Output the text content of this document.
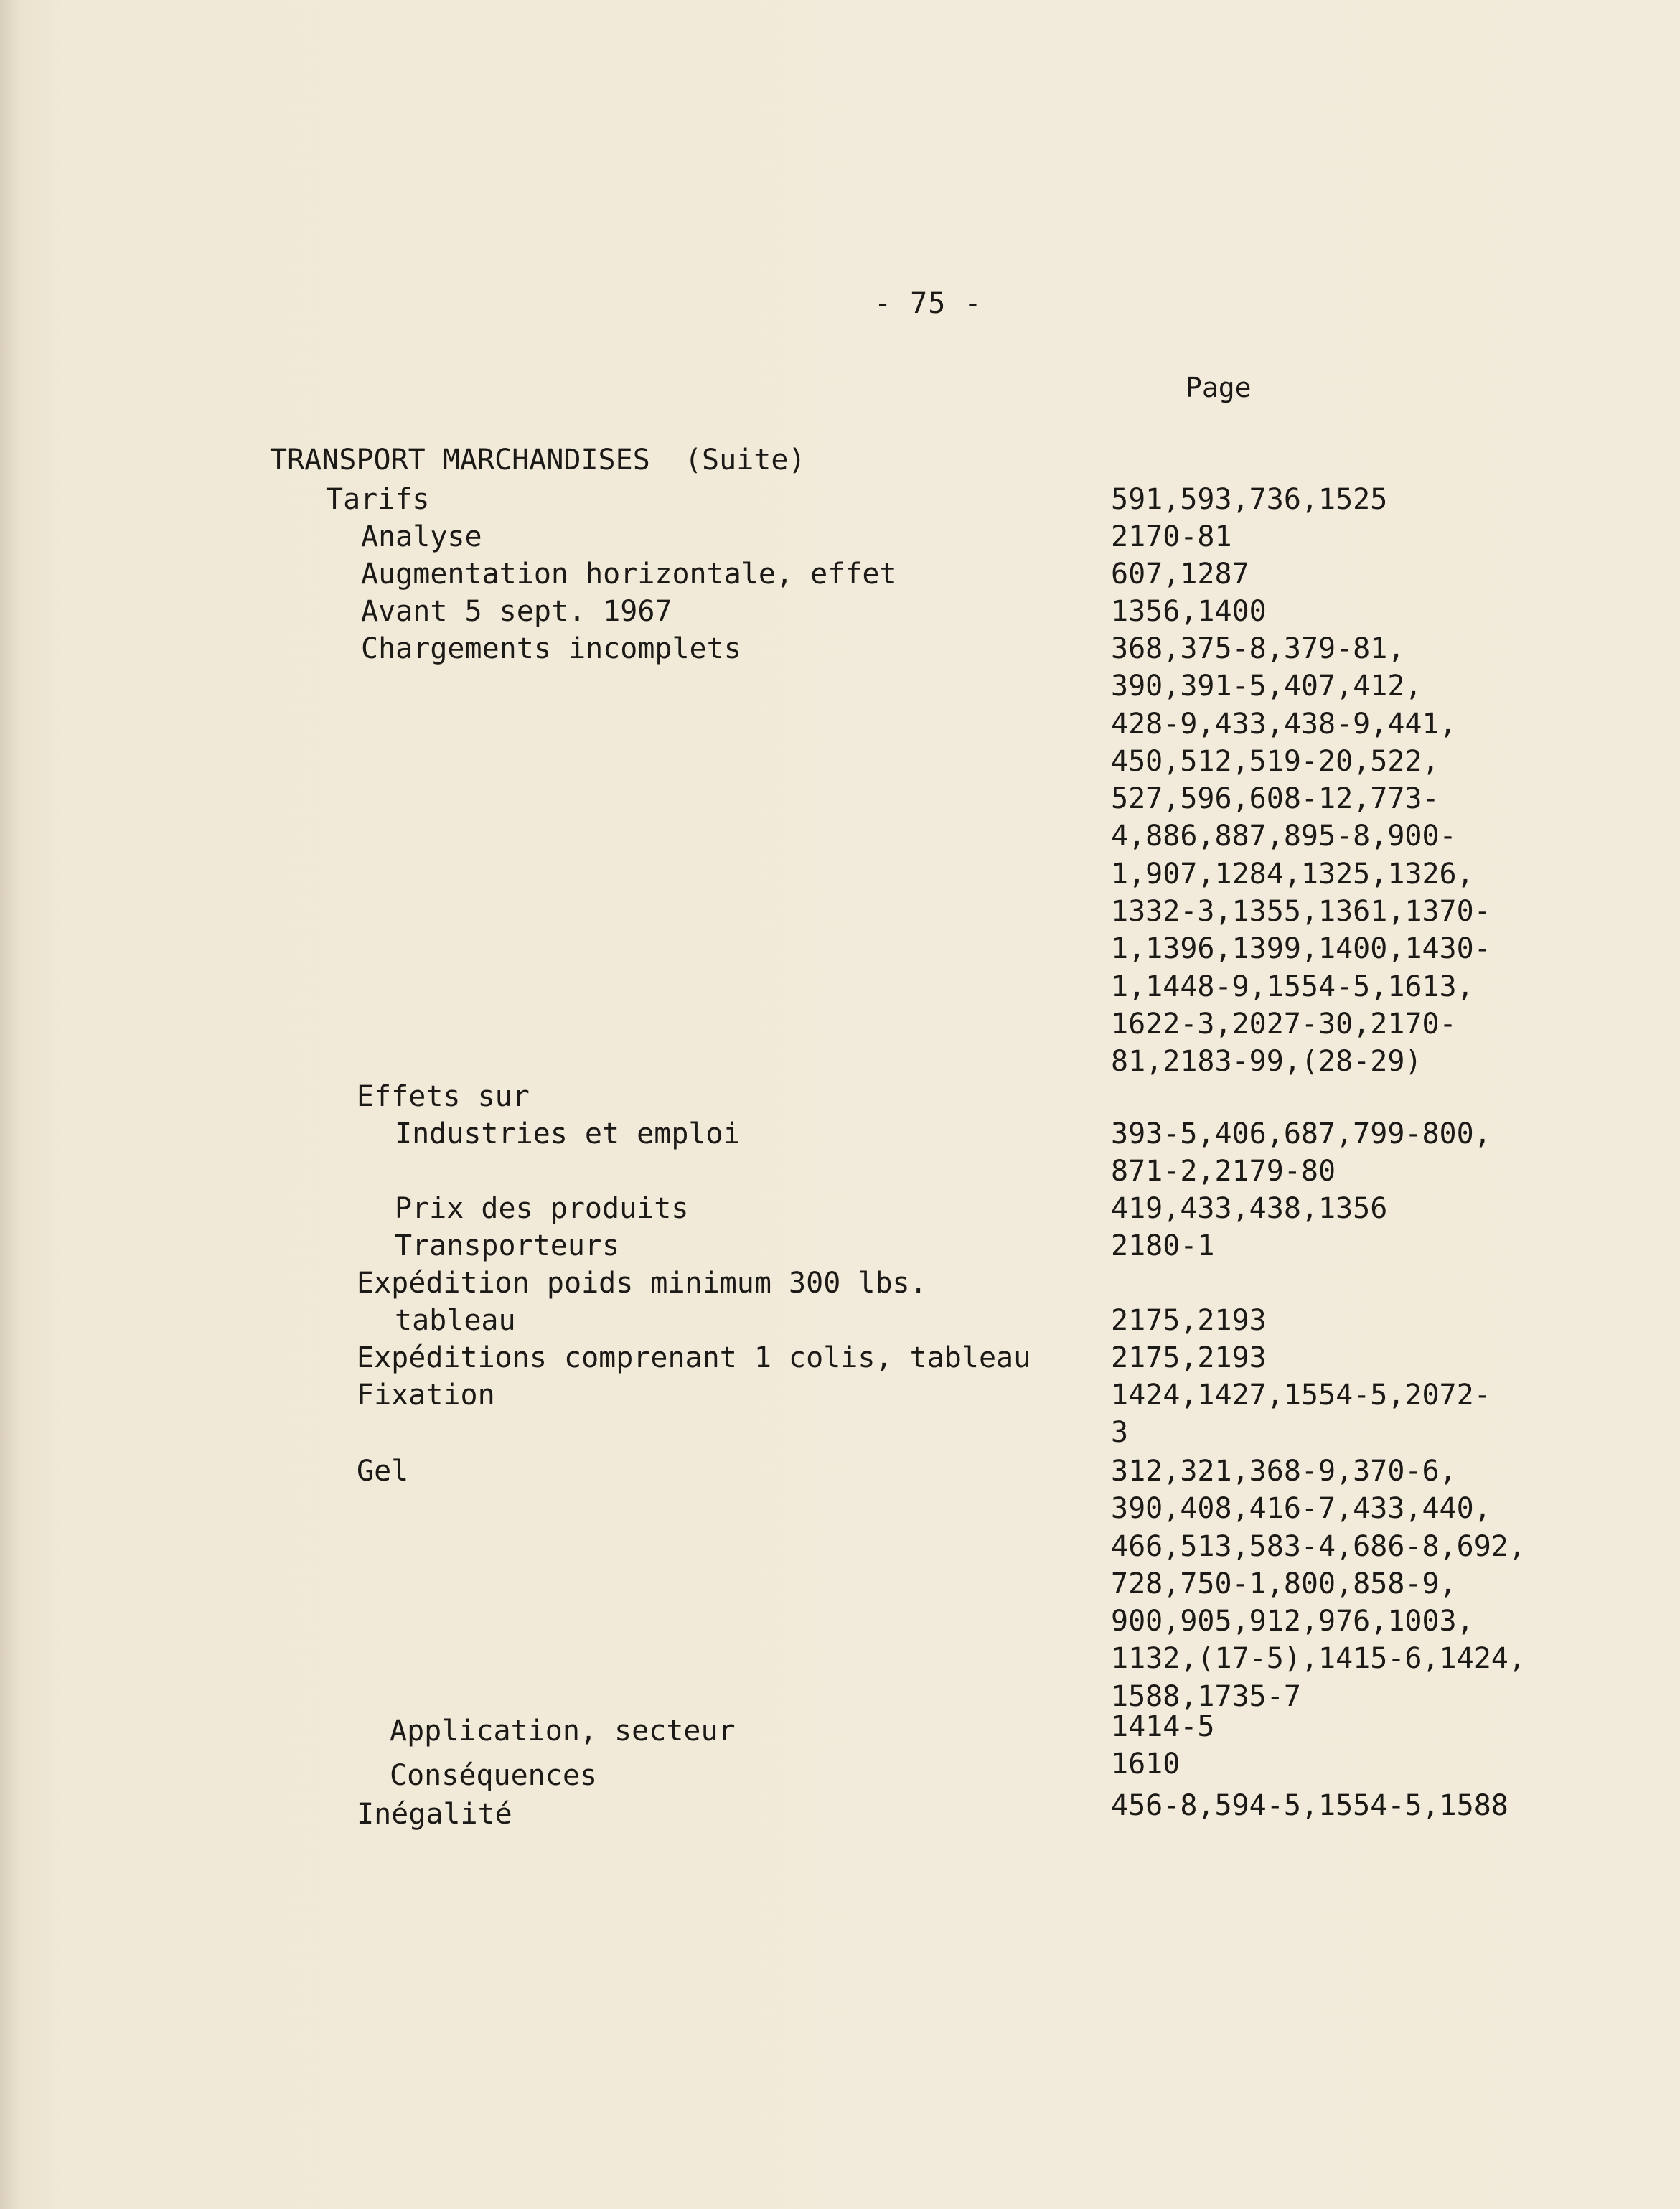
- 75 -
Page
TRANSPORT MARCHANDISES  (Suite)
Tarifs	591,593,736,1525
Analyse	2170-81
Augmentation horizontale, effet	607,1287
Avant 5 sept. 1967	1356,1400
Chargements incomplets	368,375-8,379-81,
390,391-5,407,412,
428-9,433,438-9,441,
450,512,519-20,522,
527,596,608-12,773-
4,886,887,895-8,900-
1,907,1284,1325,1326,
1332-3,1355,1361,1370-
1,1396,1399,1400,1430-
1,1448-9,1554-5,1613,
1622-3,2027-30,2170-
81,2183-99,(28-29)
Effets sur
Industries et emploi	393-5,406,687,799-800,
871-2,2179-80
Prix des produits	419,433,438,1356
Transporteurs	2180-1
Expédition poids minimum 300 lbs.
tableau	2175,2193
Expéditions comprenant 1 colis, tableau	2175,2193
Fixation	1424,1427,1554-5,2072-
3
Gel	312,321,368-9,370-6,
390,408,416-7,433,440,
466,513,583-4,686-8,692,
728,750-1,800,858-9,
900,905,912,976,1003,
1132,(17-5),1415-6,1424,
1588,1735-7
Application, secteur	1414-5
Conséquences	1610
Inégalité	456-8,594-5,1554-5,1588
